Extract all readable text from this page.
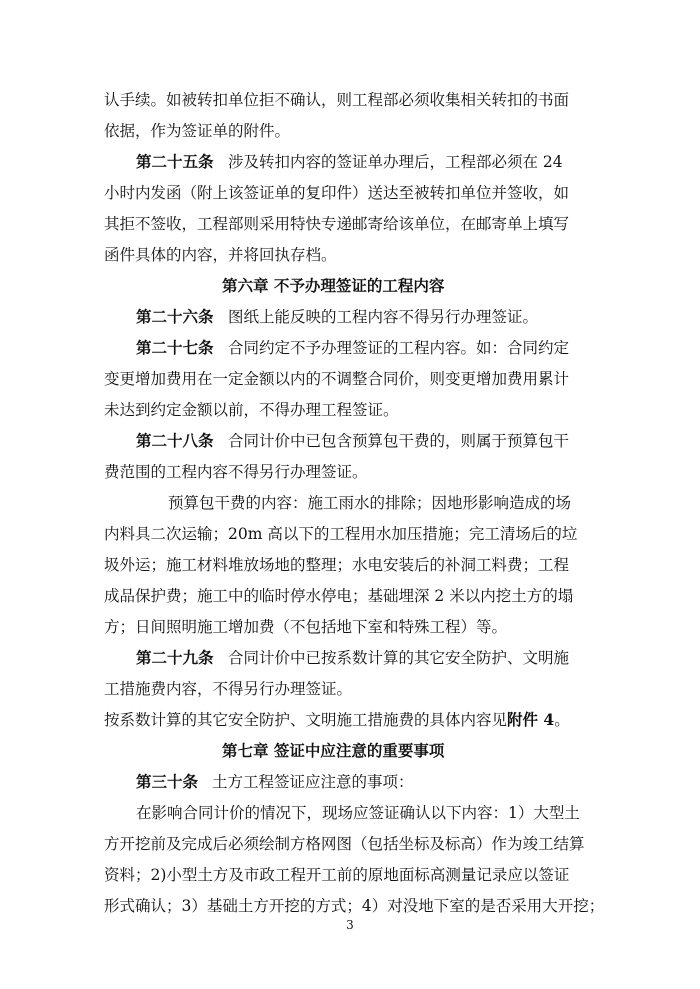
认手续。如被转扣单位拒不确认，则工程部必须收集相关转扣的书面
依据，作为签证单的附件。
第二十五条 涉及转扣内容的签证单办理后，工程部必须在 24
小时内发函（附上该签证单的复印件）送达至被转扣单位并签收，如
其拒不签收，工程部则采用特快专递邮寄给该单位，在邮寄单上填写
函件具体的内容，并将回执存档。
第六章 不予办理签证的工程内容
第二十六条 图纸上能反映的工程内容不得另行办理签证。
第二十七条 合同约定不予办理签证的工程内容。如：合同约定
变更增加费用在一定金额以内的不调整合同价，则变更增加费用累计
未达到约定金额以前，不得办理工程签证。
第二十八条 合同计价中已包含预算包干费的，则属于预算包干
费范围的工程内容不得另行办理签证。
预算包干费的内容：施工雨水的排除；因地形影响造成的场
内料具二次运输；20m 高以下的工程用水加压措施；完工清场后的垃
圾外运；施工材料堆放场地的整理；水电安装后的补洞工料费；工程
成品保护费；施工中的临时停水停电；基础埋深 2 米以内挖土方的塌
方；日间照明施工增加费（不包括地下室和特殊工程）等。
第二十九条 合同计价中已按系数计算的其它安全防护、文明施
工措施费内容，不得另行办理签证。
按系数计算的其它安全防护、文明施工措施费的具体内容见附件 4。
第七章 签证中应注意的重要事项
第三十条 土方工程签证应注意的事项：
在影响合同计价的情况下，现场应签证确认以下内容：1）大型土
方开挖前及完成后必须绘制方格网图（包括坐标及标高）作为竣工结算
资料；2)小型土方及市政工程开工前的原地面标高测量记录应以签证
形式确认；3）基础土方开挖的方式；4）对没地下室的是否采用大开挖；
3
